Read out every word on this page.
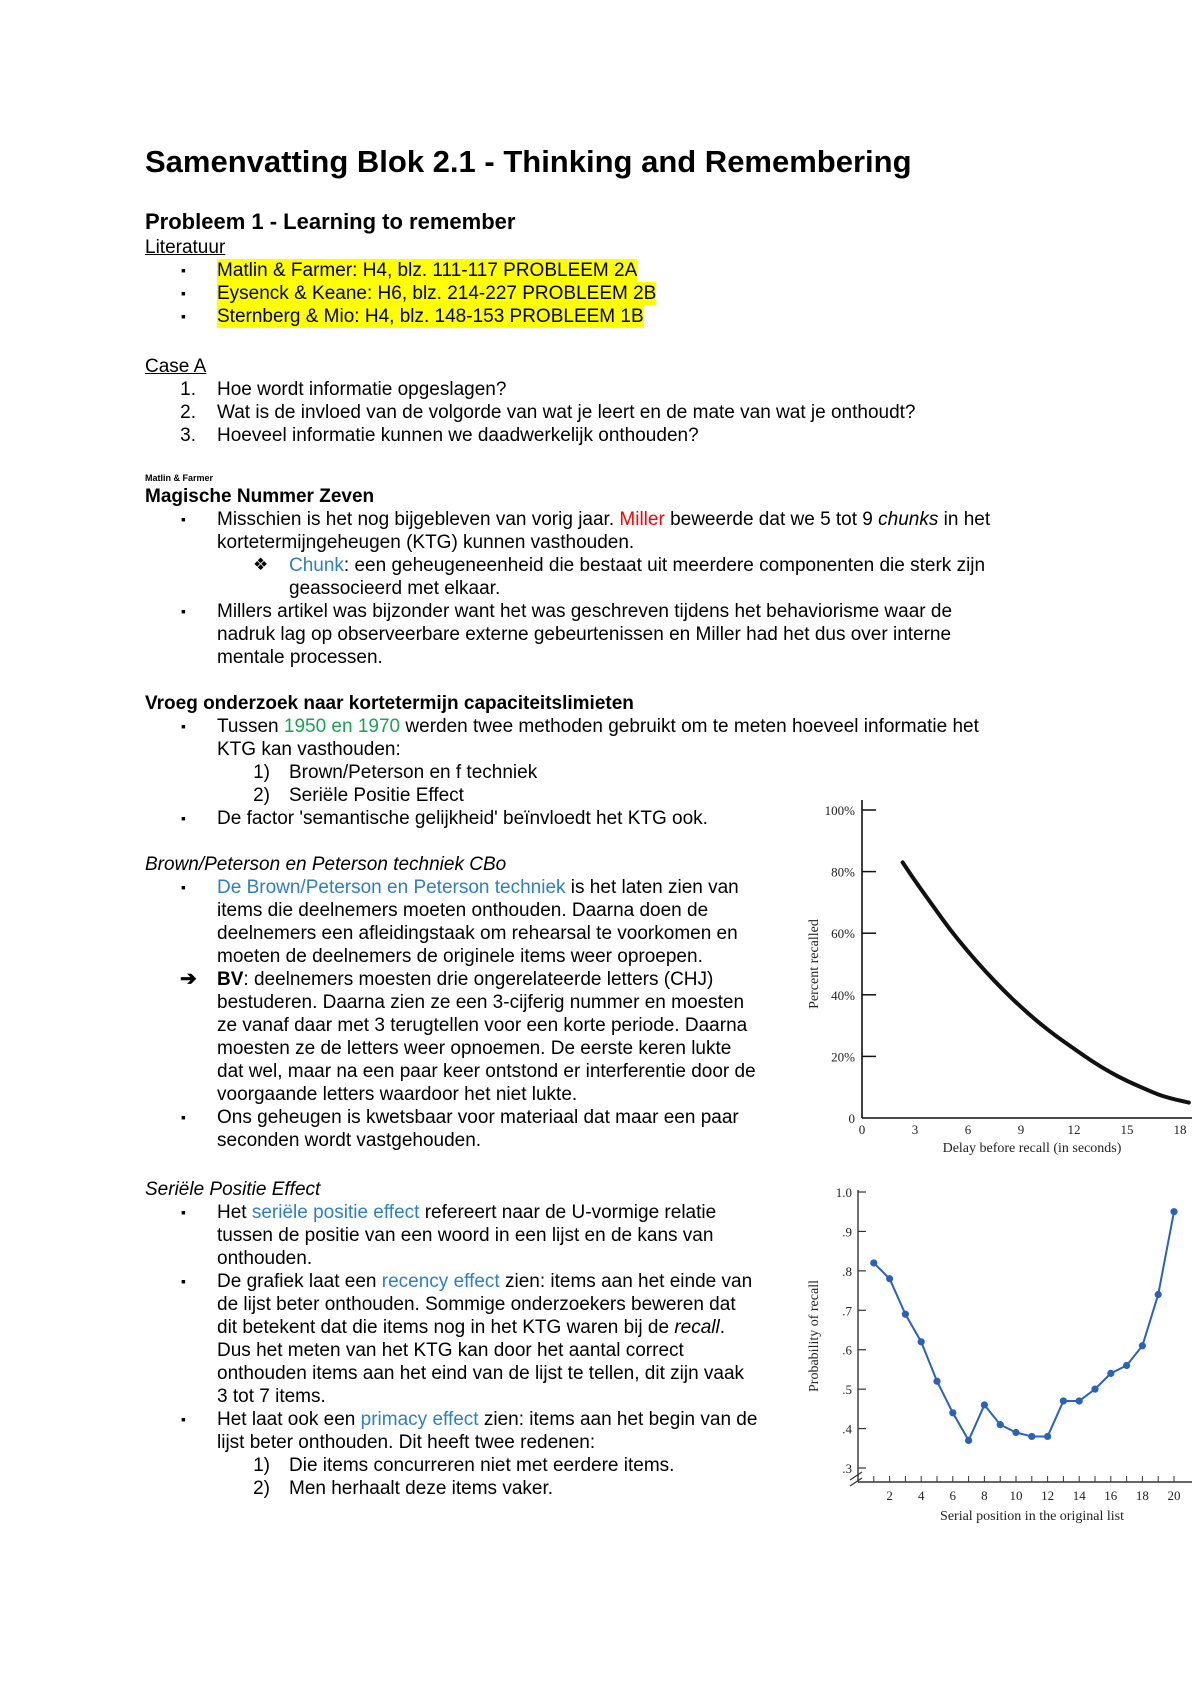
Samenvatting Blok 2.1 - Thinking and Remembering
Probleem 1 - Learning to remember
Literatuur
▪ Matlin & Farmer: H4, blz. 111-117 PROBLEEM 2A
▪ Eysenck & Keane: H6, blz. 214-227 PROBLEEM 2B
▪ Sternberg & Mio: H4, blz. 148-153 PROBLEEM 1B
Case A
1. Hoe wordt informatie opgeslagen?
2. Wat is de invloed van de volgorde van wat je leert en de mate van wat je onthoudt?
3. Hoeveel informatie kunnen we daadwerkelijk onthouden?
Matlin & Farmer
Magische Nummer Zeven
▪ Misschien is het nog bijgebleven van vorig jaar. Miller beweerde dat we 5 tot 9 chunks in het
kortetermijngeheugen (KTG) kunnen vasthouden.
❖ Chunk: een geheugeneenheid die bestaat uit meerdere componenten die sterk zijn
geassocieerd met elkaar.
▪ Millers artikel was bijzonder want het was geschreven tijdens het behaviorisme waar de
nadruk lag op observeerbare externe gebeurtenissen en Miller had het dus over interne
mentale processen.
Vroeg onderzoek naar kortetermijn capaciteitslimieten
▪ Tussen 1950 en 1970 werden twee methoden gebruikt om te meten hoeveel informatie het
KTG kan vasthouden:
1) Brown/Peterson en f techniek
2) Seriële Positie Effect
▪ De factor 'semantische gelijkheid' beïnvloedt het KTG ook.
Brown/Peterson en Peterson techniek CBo
▪ De Brown/Peterson en Peterson techniek is het laten zien van
items die deelnemers moeten onthouden. Daarna doen de
deelnemers een afleidingstaak om rehearsal te voorkomen en
moeten de deelnemers de originele items weer oproepen.
➔ BV: deelnemers moesten drie ongerelateerde letters (CHJ)
bestuderen. Daarna zien ze een 3-cijferig nummer en moesten
ze vanaf daar met 3 terugtellen voor een korte periode. Daarna
moesten ze de letters weer opnoemen. De eerste keren lukte
dat wel, maar na een paar keer ontstond er interferentie door de
voorgaande letters waardoor het niet lukte.
▪ Ons geheugen is kwetsbaar voor materiaal dat maar een paar
seconden wordt vastgehouden.
Seriële Positie Effect
▪ Het seriële positie effect refereert naar de U-vormige relatie
tussen de positie van een woord in een lijst en de kans van
onthouden.
▪ De grafiek laat een recency effect zien: items aan het einde van
de lijst beter onthouden. Sommige onderzoekers beweren dat
dit betekent dat die items nog in het KTG waren bij de recall.
Dus het meten van het KTG kan door het aantal correct
onthouden items aan het eind van de lijst te tellen, dit zijn vaak
3 tot 7 items.
▪ Het laat ook een primacy effect zien: items aan het begin van de
lijst beter onthouden. Dit heeft twee redenen:
1) Die items concurreren niet met eerdere items.
2) Men herhaalt deze items vaker.
0
20%
40%
60%
80%
100%
0	3	6	9	12	15	18
Delay before recall (in seconds)
Percent recalled
.3
.4
.5
.6
.7
.8
.9
1.0
2 4 6 8 10 12 14 16 18 20
Serial position in the original list
Probability of recall
